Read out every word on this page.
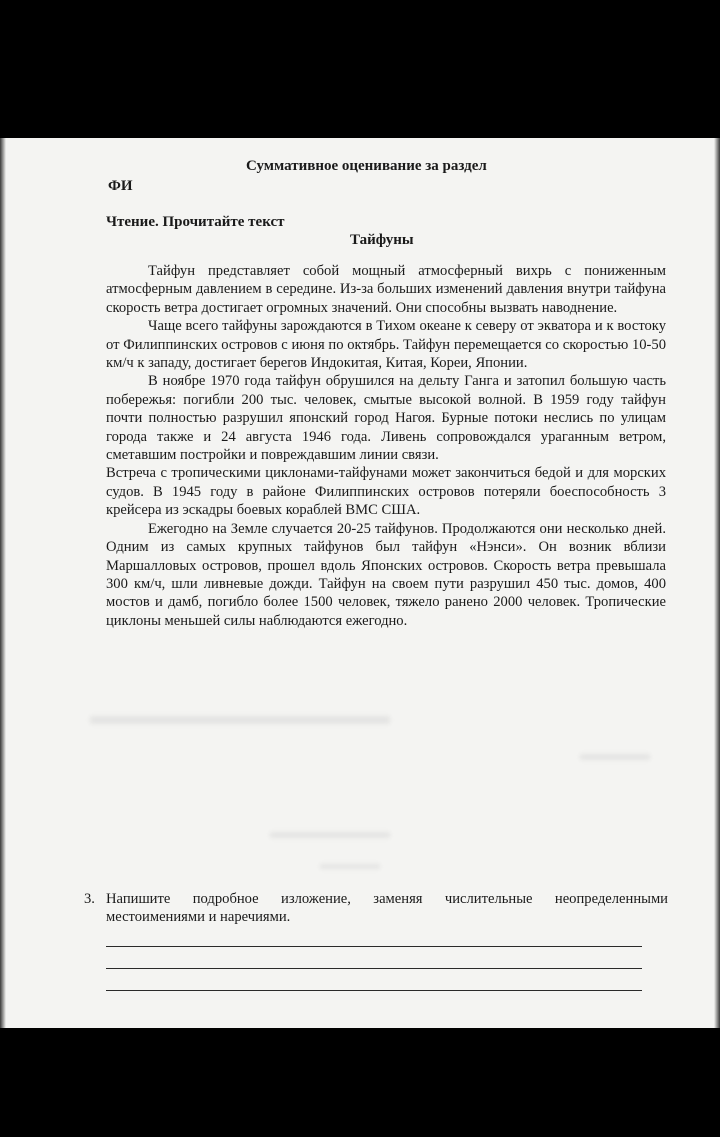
Суммативное оценивание за раздел
ФИ
Чтение. Прочитайте текст
Тайфуны

Тайфун представляет собой мощный атмосферный вихрь с пониженным атмосферным давлением в середине. Из-за больших изменений давления внутри тайфуна скорость ветра достигает огромных значений. Они способны вызвать наводнение.

Чаще всего тайфуны зарождаются в Тихом океане к северу от экватора и к востоку от Филиппинских островов с июня по октябрь. Тайфун перемещается со скоростью 10-50 км/ч к западу, достигает берегов Индокитая, Китая, Кореи, Японии.

В ноябре 1970 года тайфун обрушился на дельту Ганга и затопил большую часть побережья: погибли 200 тыс. человек, смытые высокой волной. В 1959 году тайфун почти полностью разрушил японский город Нагоя. Бурные потоки неслись по улицам города также и 24 августа 1946 года. Ливень сопровождался ураганным ветром, сметавшим постройки и повреждавшим линии связи.

Встреча с тропическими циклонами-тайфунами может закончиться бедой и для морских судов. В 1945 году в районе Филиппинских островов потеряли боеспособность 3 крейсера из эскадры боевых кораблей ВМС США.

Ежегодно на Земле случается 20-25 тайфунов. Продолжаются они несколько дней. Одним из самых крупных тайфунов был тайфун «Нэнси». Он возник вблизи Маршалловых островов, прошел вдоль Японских островов. Скорость ветра превышала 300 км/ч, шли ливневые дожди. Тайфун на своем пути разрушил 450 тыс. домов, 400 мостов и дамб, погибло более 1500 человек, тяжело ранено 2000 человек. Тропические циклоны меньшей силы наблюдаются ежегодно.

3. Напишите подробное изложение, заменяя числительные неопределенными местоимениями и наречиями.
